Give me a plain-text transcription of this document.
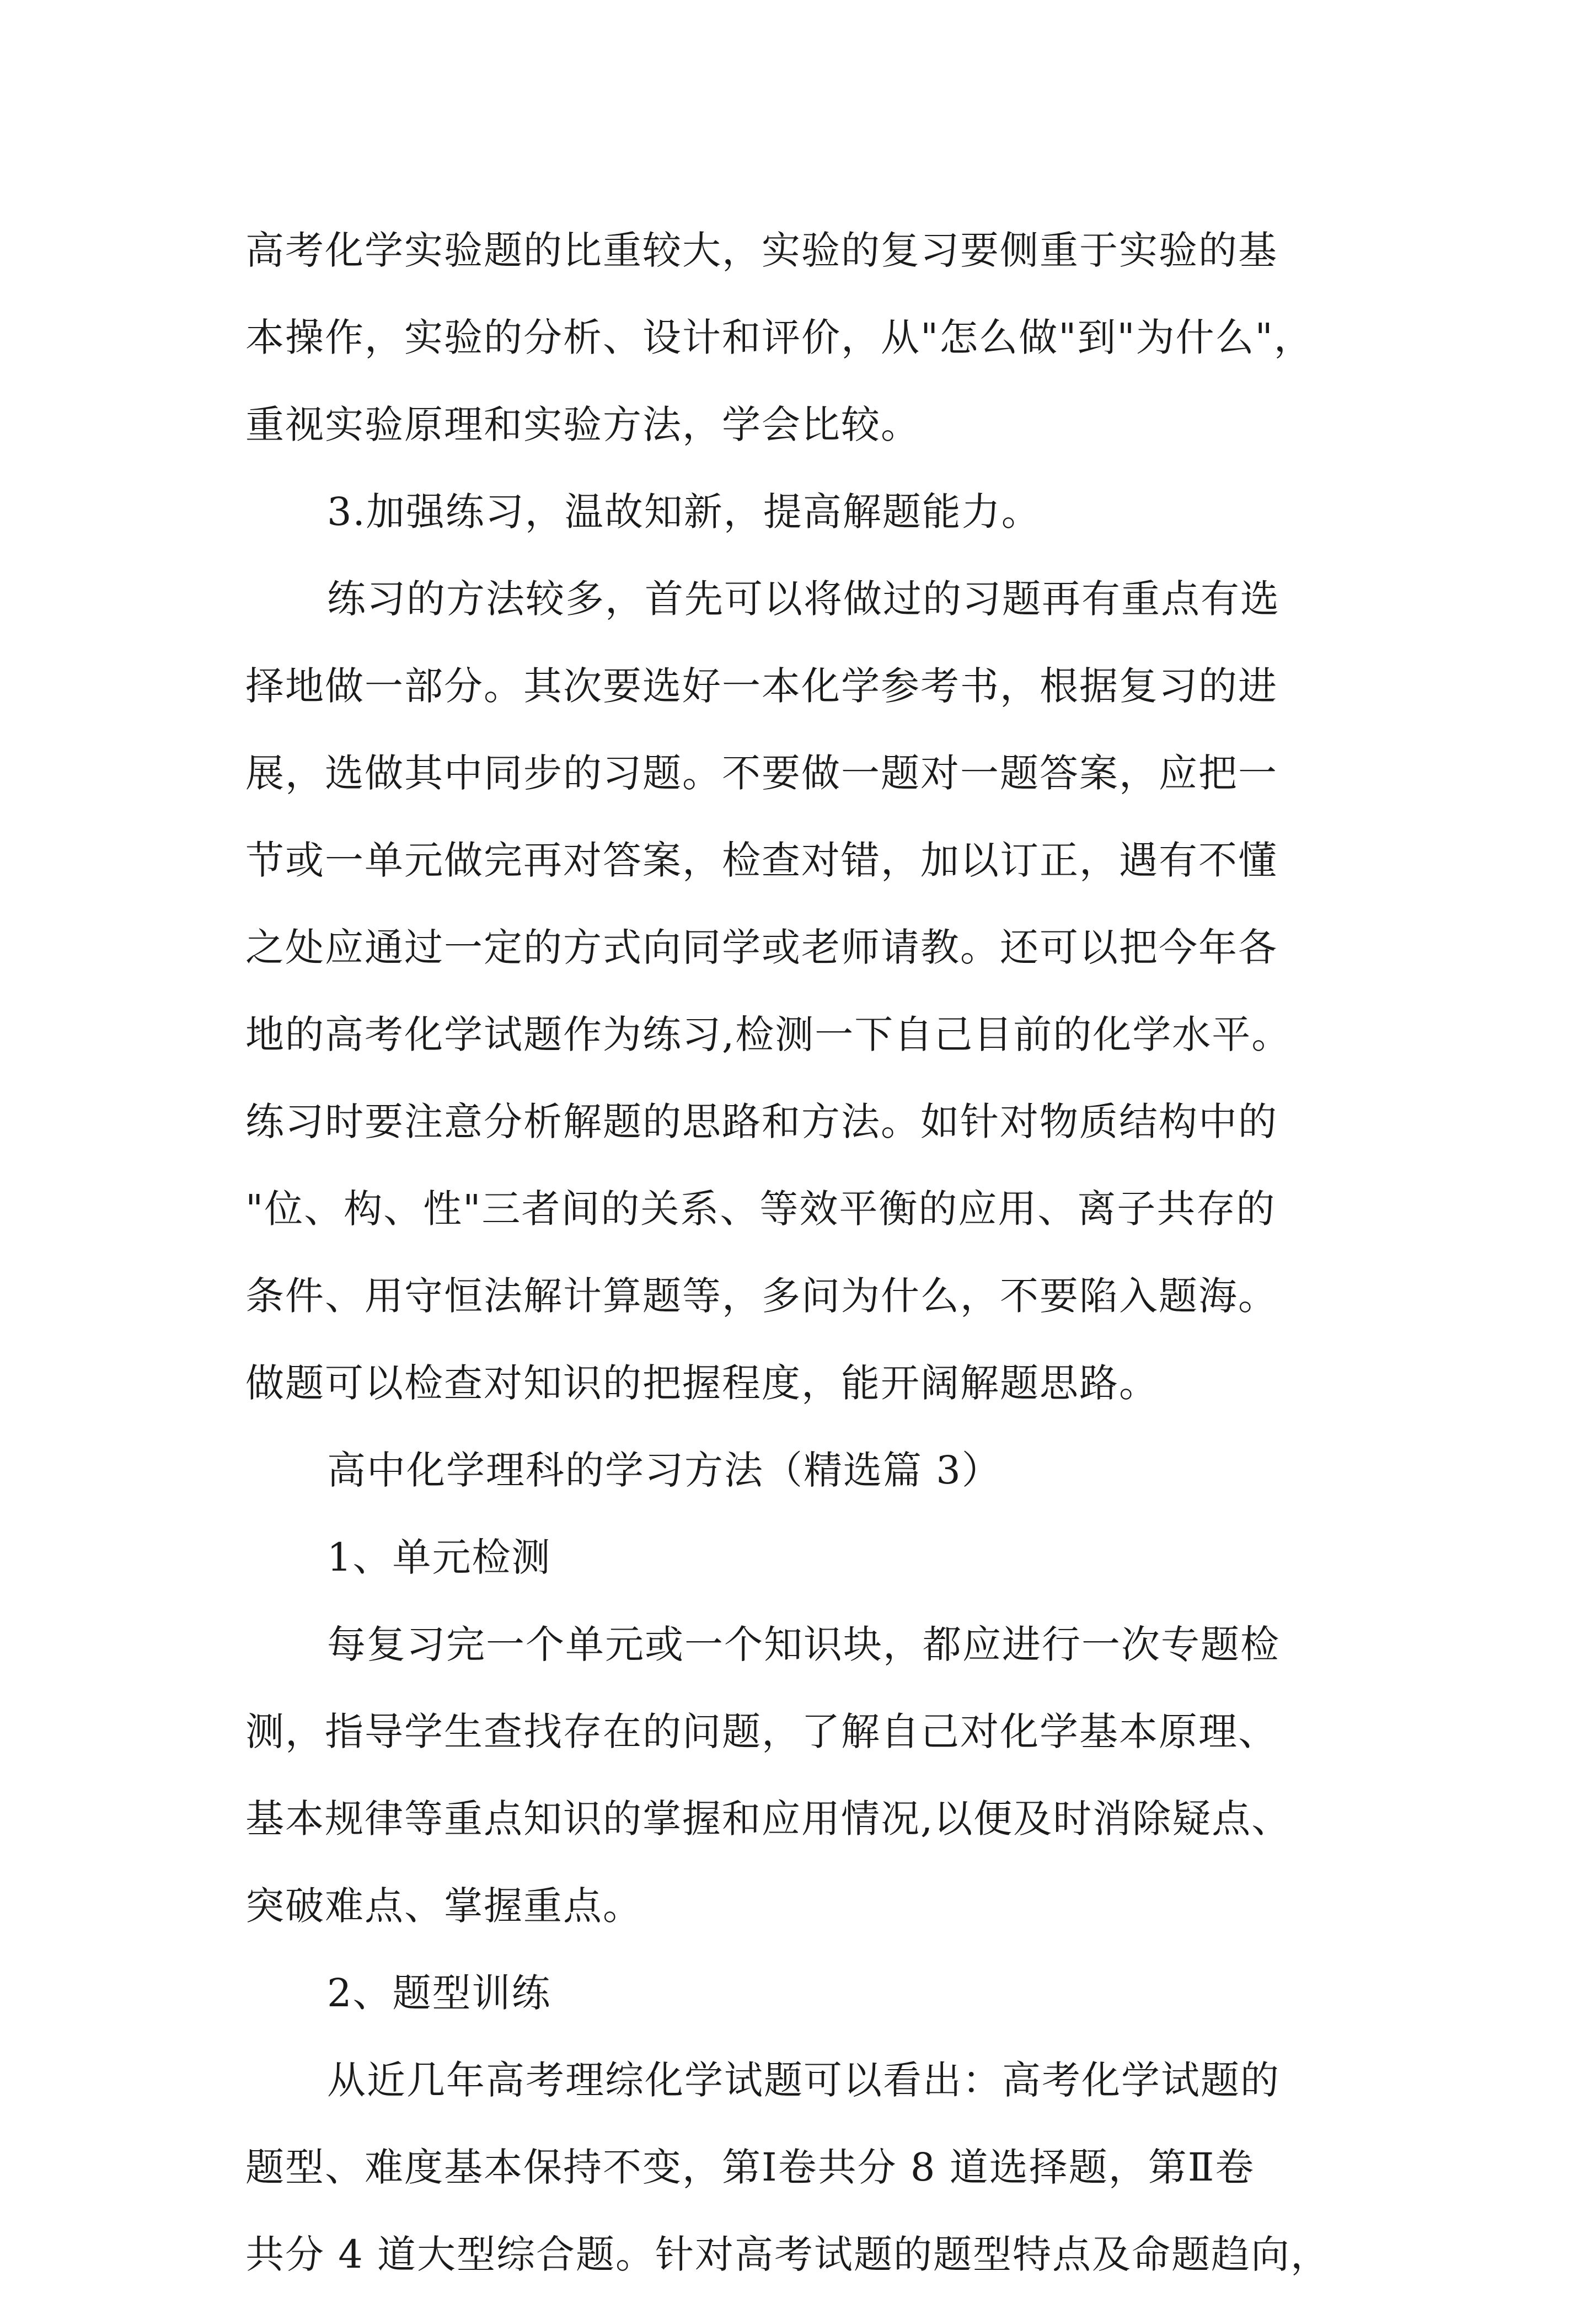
高考化学实验题的比重较大，实验的复习要侧重于实验的基
本操作，实验的分析、设计和评价，从"怎么做"到"为什么"，
重视实验原理和实验方法，学会比较。
3.加强练习，温故知新，提高解题能力。
练习的方法较多，首先可以将做过的习题再有重点有选
择地做一部分。其次要选好一本化学参考书，根据复习的进
展，选做其中同步的习题。不要做一题对一题答案，应把一
节或一单元做完再对答案，检查对错，加以订正，遇有不懂
之处应通过一定的方式向同学或老师请教。还可以把今年各
地的高考化学试题作为练习,检测一下自己目前的化学水平。
练习时要注意分析解题的思路和方法。如针对物质结构中的
"位、构、性"三者间的关系、等效平衡的应用、离子共存的
条件、用守恒法解计算题等，多问为什么，不要陷入题海。
做题可以检查对知识的把握程度，能开阔解题思路。
高中化学理科的学习方法（精选篇 3）
1、单元检测
每复习完一个单元或一个知识块，都应进行一次专题检
测，指导学生查找存在的问题，了解自己对化学基本原理、
基本规律等重点知识的掌握和应用情况,以便及时消除疑点、
突破难点、掌握重点。
2、题型训练
从近几年高考理综化学试题可以看出：高考化学试题的
题型、难度基本保持不变，第Ⅰ卷共分 8 道选择题，第Ⅱ卷
共分 4 道大型综合题。针对高考试题的题型特点及命题趋向，
